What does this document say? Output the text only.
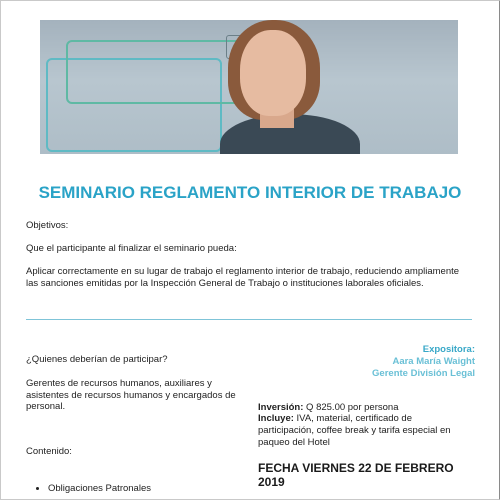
SEMINARIO REGLAMENTO INTERIOR DE TRABAJO
Objetivos:
Que el participante al finalizar el seminario pueda:
Aplicar correctamente en su lugar de trabajo el reglamento interior de trabajo, reduciendo ampliamente
las sanciones emitidas por la Inspección General de Trabajo o instituciones laborales oficiales.
Expositora:
Aara María Waight
Gerente División Legal
¿Quienes deberían de participar?
Gerentes de recursos humanos, auxiliares y
asistentes de recursos humanos y encargados de
personal.	Inversión: Q 825.00 por persona
Incluye: IVA, material, certificado de
participación, coffee break y tarifa especial en
paqueo del Hotel
FECHA VIERNES 22 DE FEBRERO
2019
Contenido:
• Obligaciones Patronales
